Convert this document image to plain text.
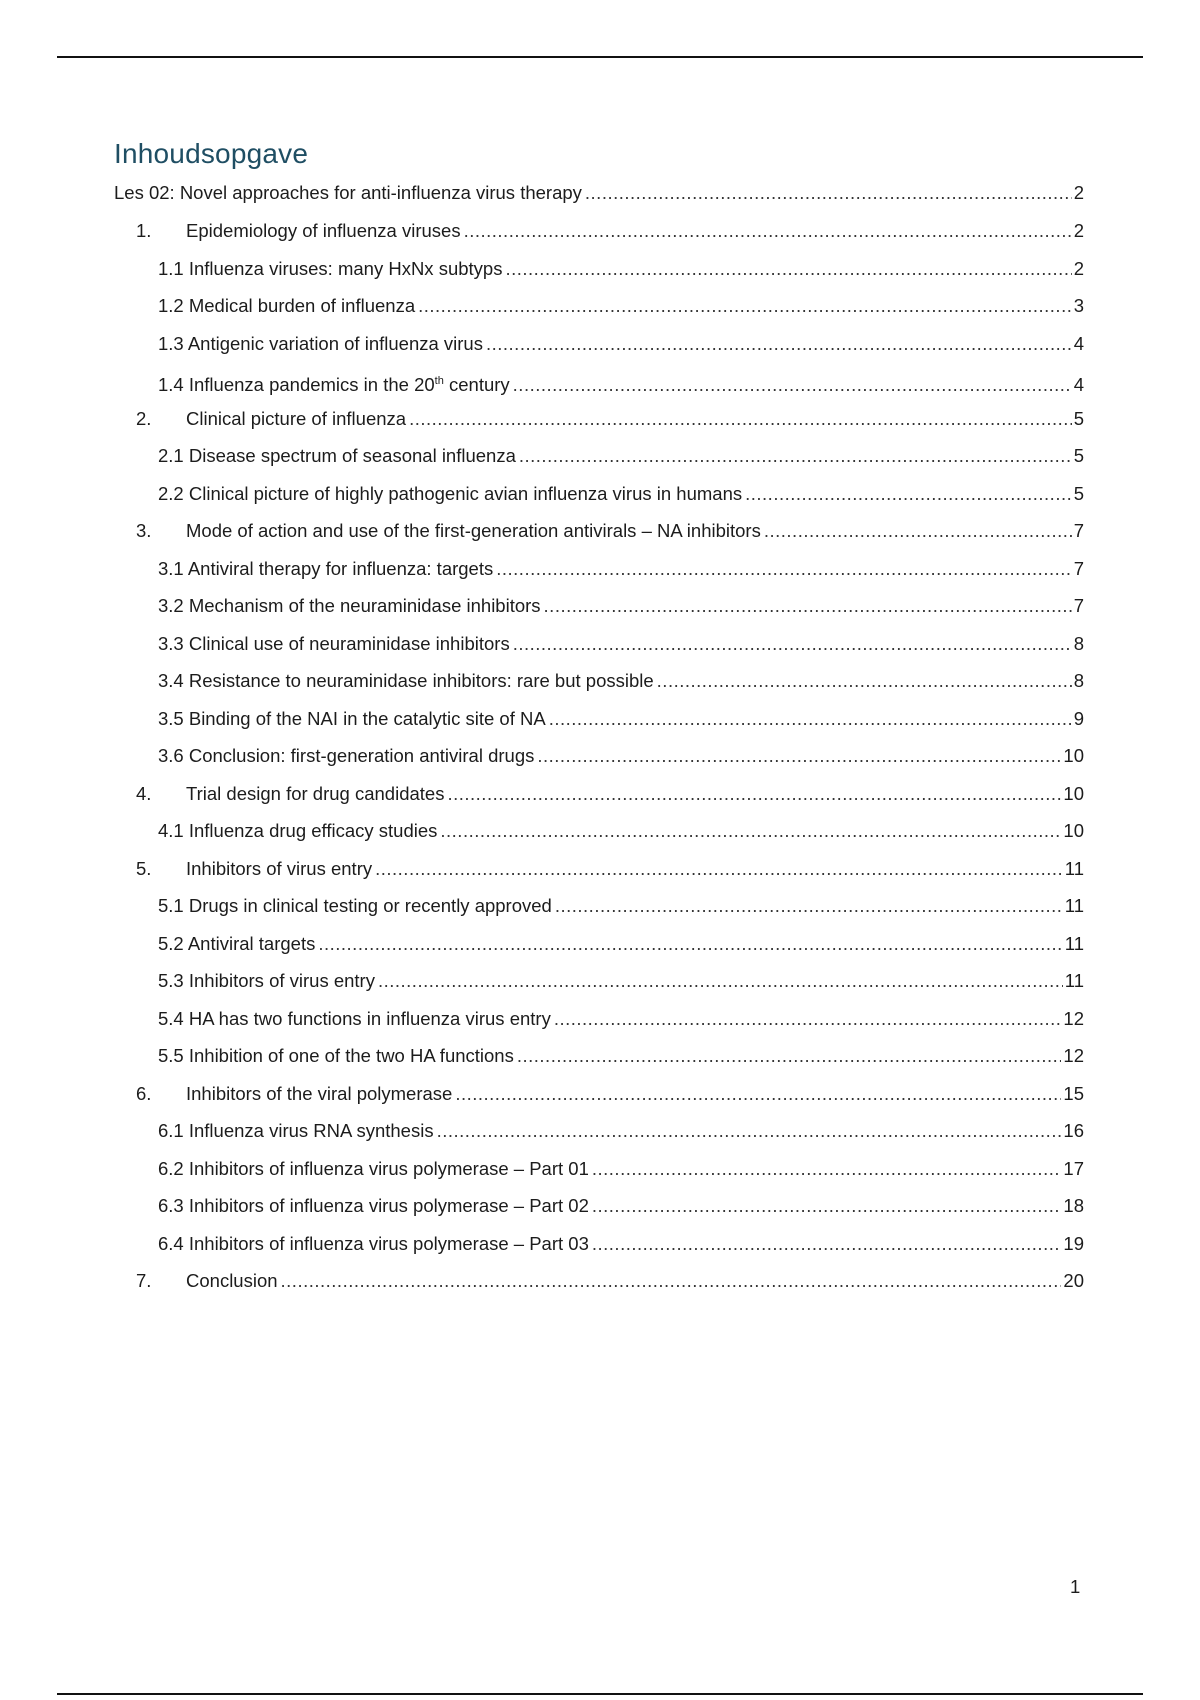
Inhoudsopgave
Les 02: Novel approaches for anti-influenza virus therapy .....	2
1.	Epidemiology of influenza viruses .....	2
1.1 Influenza viruses: many HxNx subtyps .....	2
1.2 Medical burden of influenza .....	3
1.3 Antigenic variation of influenza virus .....	4
1.4 Influenza pandemics in the 20th century .....	4
2.	Clinical picture of influenza .....	5
2.1 Disease spectrum of seasonal influenza .....	5
2.2 Clinical picture of highly pathogenic avian influenza virus in humans .....	5
3.	Mode of action and use of the first-generation antivirals – NA inhibitors .....	7
3.1 Antiviral therapy for influenza: targets .....	7
3.2 Mechanism of the neuraminidase inhibitors .....	7
3.3 Clinical use of neuraminidase inhibitors .....	8
3.4 Resistance to neuraminidase inhibitors: rare but possible .....	8
3.5 Binding of the NAI in the catalytic site of NA .....	9
3.6 Conclusion: first-generation antiviral drugs .....	10
4.	Trial design for drug candidates .....	10
4.1 Influenza drug efficacy studies .....	10
5.	Inhibitors of virus entry .....	11
5.1 Drugs in clinical testing or recently approved .....	11
5.2 Antiviral targets .....	11
5.3 Inhibitors of virus entry .....	11
5.4 HA has two functions in influenza virus entry .....	12
5.5 Inhibition of one of the two HA functions .....	12
6.	Inhibitors of the viral polymerase .....	15
6.1 Influenza virus RNA synthesis .....	16
6.2 Inhibitors of influenza virus polymerase – Part 01 .....	17
6.3 Inhibitors of influenza virus polymerase – Part 02 .....	18
6.4 Inhibitors of influenza virus polymerase – Part 03 .....	19
7.	Conclusion .....	20
1
